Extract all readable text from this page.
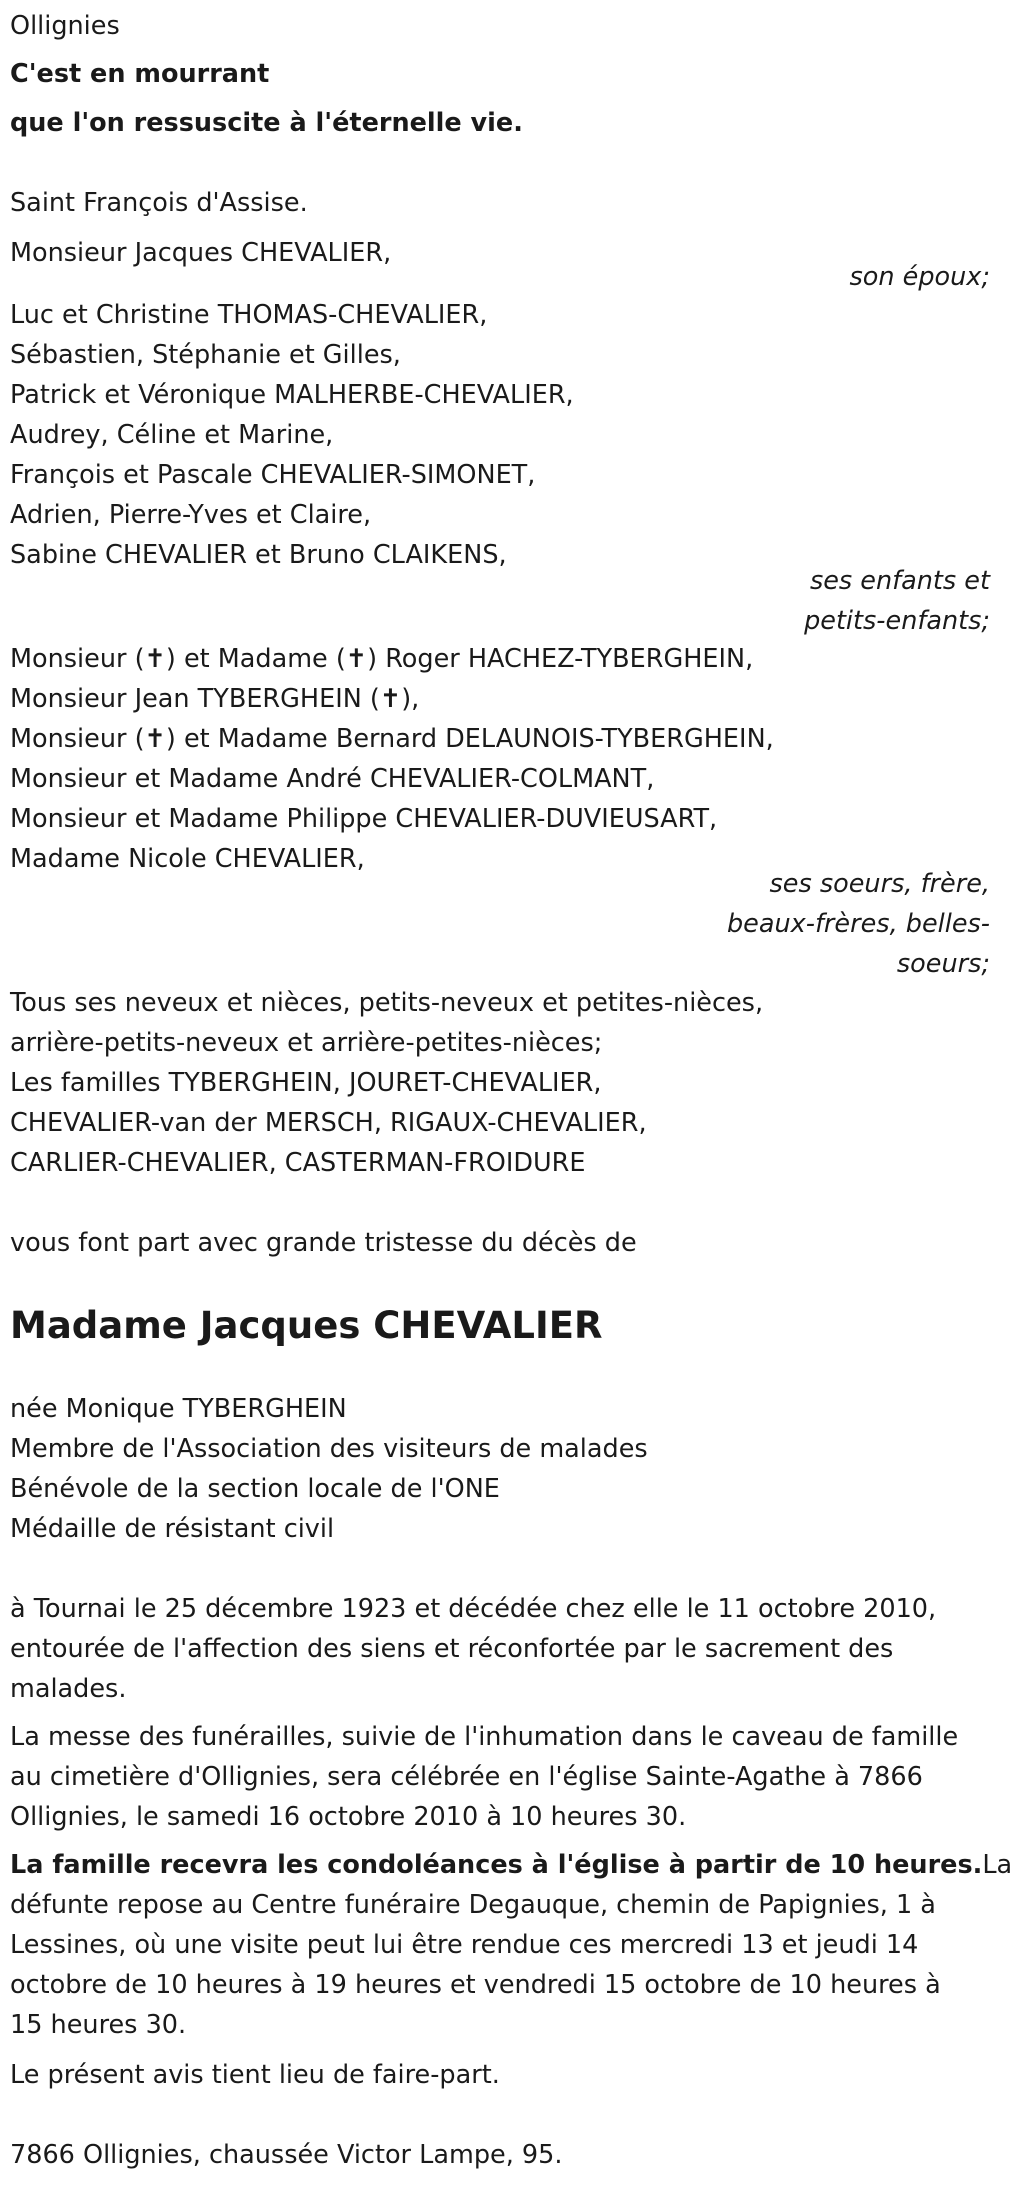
Ollignies
C'est en mourrant
que l'on ressuscite à l'éternelle vie.
Saint François d'Assise.
Monsieur Jacques CHEVALIER,
son époux;
Luc et Christine THOMAS-CHEVALIER,
Sébastien, Stéphanie et Gilles,
Patrick et Véronique MALHERBE-CHEVALIER,
Audrey, Céline et Marine,
François et Pascale CHEVALIER-SIMONET,
Adrien, Pierre-Yves et Claire,
Sabine CHEVALIER et Bruno CLAIKENS,
ses enfants et
petits-enfants;
Monsieur (✝) et Madame (✝) Roger HACHEZ-TYBERGHEIN,
Monsieur Jean TYBERGHEIN (✝),
Monsieur (✝) et Madame Bernard DELAUNOIS-TYBERGHEIN,
Monsieur et Madame André CHEVALIER-COLMANT,
Monsieur et Madame Philippe CHEVALIER-DUVIEUSART,
Madame Nicole CHEVALIER,
ses soeurs, frère,
beaux-frères, belles-
soeurs;
Tous ses neveux et nièces, petits-neveux et petites-nièces,
arrière-petits-neveux et arrière-petites-nièces;
Les familles TYBERGHEIN, JOURET-CHEVALIER,
CHEVALIER-van der MERSCH, RIGAUX-CHEVALIER,
CARLIER-CHEVALIER, CASTERMAN-FROIDURE
vous font part avec grande tristesse du décès de
Madame Jacques CHEVALIER
née Monique TYBERGHEIN
Membre de l'Association des visiteurs de malades
Bénévole de la section locale de l'ONE
Médaille de résistant civil
à Tournai le 25 décembre 1923 et décédée chez elle le 11 octobre 2010,
entourée de l'affection des siens et réconfortée par le sacrement des
malades.
La messe des funérailles, suivie de l'inhumation dans le caveau de famille
au cimetière d'Ollignies, sera célébrée en l'église Sainte-Agathe à 7866
Ollignies, le samedi 16 octobre 2010 à 10 heures 30.
La famille recevra les condoléances à l'église à partir de 10 heures.La
défunte repose au Centre funéraire Degauque, chemin de Papignies, 1 à
Lessines, où une visite peut lui être rendue ces mercredi 13 et jeudi 14
octobre de 10 heures à 19 heures et vendredi 15 octobre de 10 heures à
15 heures 30.
Le présent avis tient lieu de faire-part.
7866 Ollignies, chaussée Victor Lampe, 95.
